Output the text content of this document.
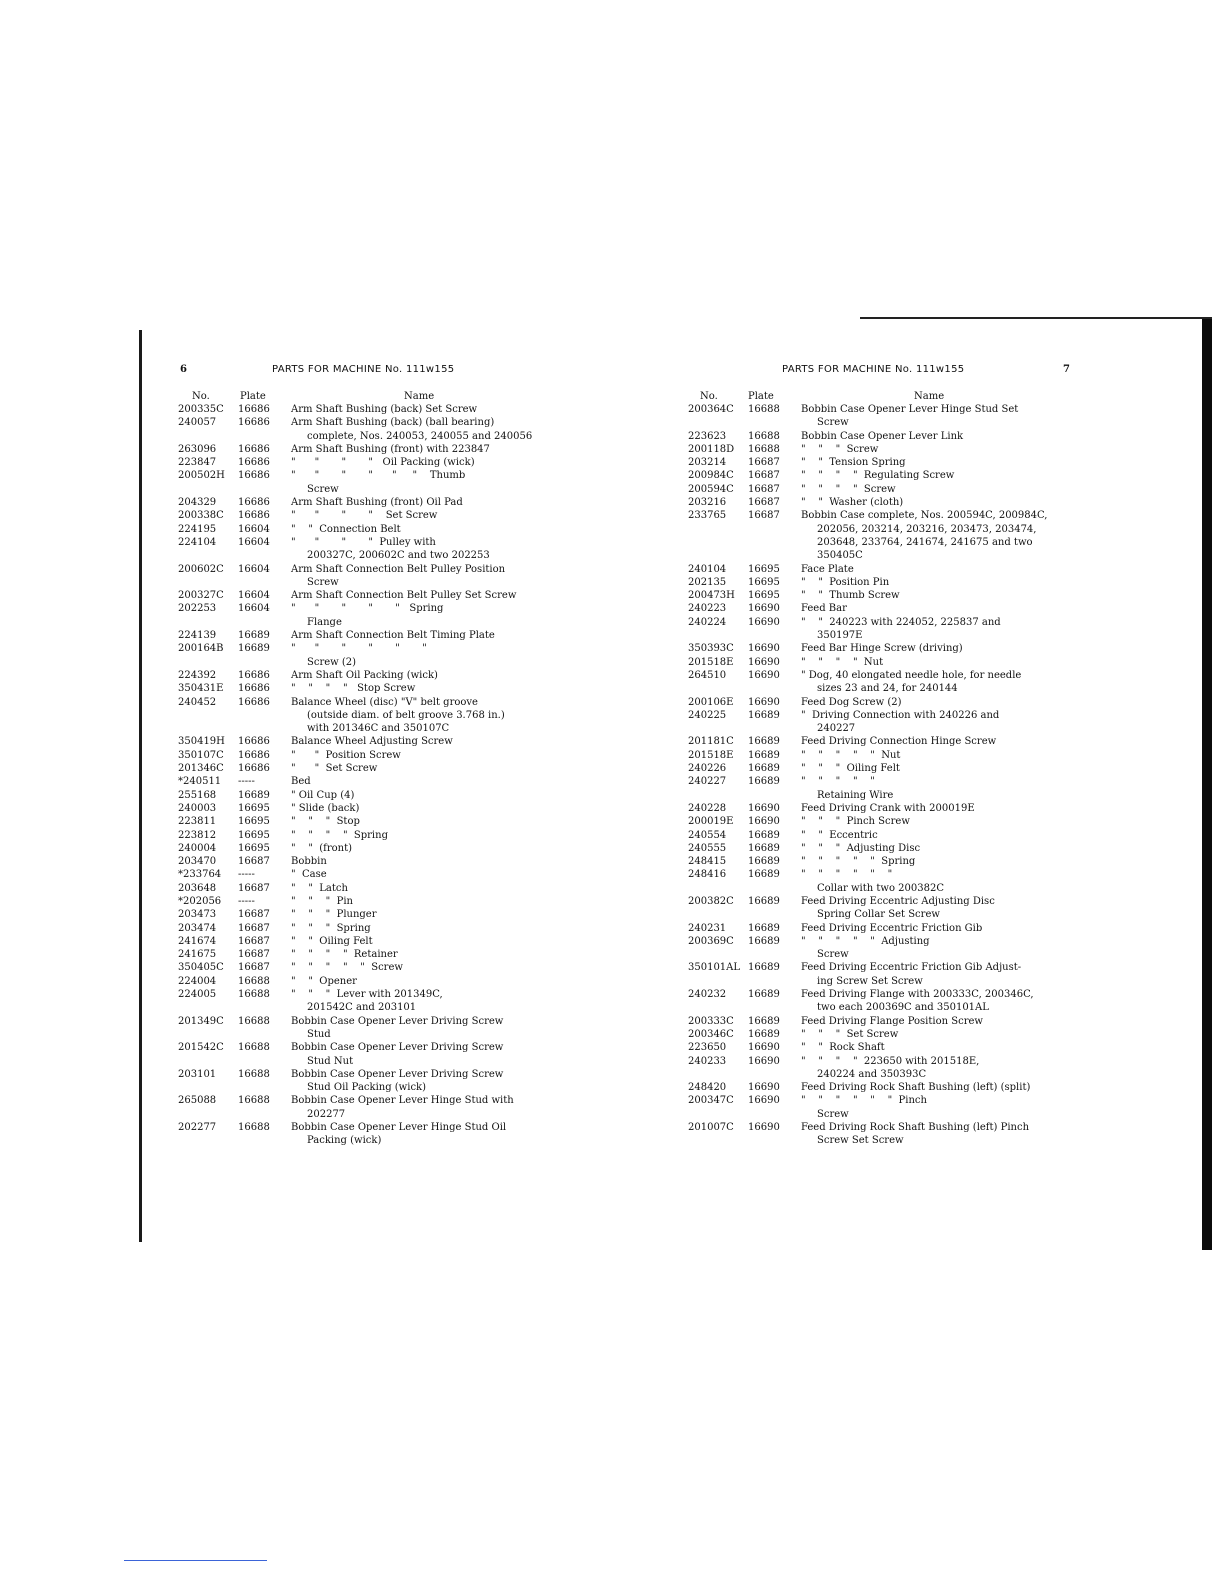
6	PARTS FOR MACHINE No. 111w155	PARTS FOR MACHINE No. 111w155	7
No.	Plate	Name
200335C 16686 Arm Shaft Bushing (back) Set Screw
240057 16686 Arm Shaft Bushing (back) (ball bearing)
complete, Nos. 240053, 240055 and 240056
263096 16686 Arm Shaft Bushing (front) with 223847
223847 16686 "      "       "       "   Oil Packing (wick)
200502H 16686 "      "       "       "      "     "    Thumb
Screw
204329 16686 Arm Shaft Bushing (front) Oil Pad
200338C 16686 "      "       "       "    Set Screw
224195 16604 "    "  Connection Belt
224104 16604 "      "       "       "  Pulley with
200327C, 200602C and two 202253
200602C 16604 Arm Shaft Connection Belt Pulley Position
Screw
200327C 16604 Arm Shaft Connection Belt Pulley Set Screw
202253 16604 "      "       "       "       "   Spring
Flange
224139 16689 Arm Shaft Connection Belt Timing Plate
200164B 16689 "      "       "       "       "       "
Screw (2)
224392 16686 Arm Shaft Oil Packing (wick)
350431E 16686 "    "    "    "   Stop Screw
240452 16686 Balance Wheel (disc) "V" belt groove
(outside diam. of belt groove 3.768 in.)
with 201346C and 350107C
350419H 16686 Balance Wheel Adjusting Screw
350107C 16686 "      "  Position Screw
201346C 16686 "      "  Set Screw
*240511 -----	Bed
255168 16689 " Oil Cup (4)
240003 16695 " Slide (back)
223811 16695 "    "    "  Stop
223812 16695 "    "    "    "  Spring
240004 16695 "    "  (front)
203470 16687 Bobbin
*233764 -----	"  Case
203648 16687 "    "  Latch
*202056 -----	"    "    "  Pin
203473 16687 "    "    "  Plunger
203474 16687 "    "    "  Spring
241674 16687 "    "  Oiling Felt
241675 16687 "    "    "    "  Retainer
350405C 16687 "    "    "    "    "  Screw
224004 16688 "    "  Opener
224005 16688 "    "    "  Lever with 201349C,
201542C and 203101
201349C 16688 Bobbin Case Opener Lever Driving Screw
Stud
201542C 16688 Bobbin Case Opener Lever Driving Screw
Stud Nut
203101 16688 Bobbin Case Opener Lever Driving Screw
Stud Oil Packing (wick)
265088 16688 Bobbin Case Opener Lever Hinge Stud with
202277
202277 16688 Bobbin Case Opener Lever Hinge Stud Oil
Packing (wick)
No.	Plate	Name
200364C 16688 Bobbin Case Opener Lever Hinge Stud Set
Screw
223623 16688 Bobbin Case Opener Lever Link
200118D 16688 "    "    "  Screw
203214 16687 "    "  Tension Spring
200984C 16687 "    "    "    "  Regulating Screw
200594C 16687 "    "    "    "  Screw
203216 16687 "    "  Washer (cloth)
233765 16687 Bobbin Case complete, Nos. 200594C, 200984C,
202056, 203214, 203216, 203473, 203474,
203648, 233764, 241674, 241675 and two
350405C
240104 16695 Face Plate
202135 16695 "    "  Position Pin
200473H 16695 "    "  Thumb Screw
240223 16690 Feed Bar
240224 16690 "    "  240223 with 224052, 225837 and
350197E
350393C 16690 Feed Bar Hinge Screw (driving)
201518E 16690 "    "    "    "  Nut
264510 16690 " Dog, 40 elongated needle hole, for needle
sizes 23 and 24, for 240144
200106E 16690 Feed Dog Screw (2)
240225 16689 "  Driving Connection with 240226 and
240227
201181C 16689 Feed Driving Connection Hinge Screw
201518E 16689 "    "    "    "    "  Nut
240226 16689 "    "    "  Oiling Felt
240227 16689 "    "    "    "    "
Retaining Wire
240228 16690 Feed Driving Crank with 200019E
200019E 16690 "    "    "  Pinch Screw
240554 16689 "    "  Eccentric
240555 16689 "    "    "  Adjusting Disc
248415 16689 "    "    "    "    "  Spring
248416 16689 "    "    "    "    "    "
Collar with two 200382C
200382C 16689 Feed Driving Eccentric Adjusting Disc
Spring Collar Set Screw
240231 16689 Feed Driving Eccentric Friction Gib
200369C 16689 "    "    "    "    "  Adjusting
Screw
350101AL 16689 Feed Driving Eccentric Friction Gib Adjust-
ing Screw Set Screw
240232 16689 Feed Driving Flange with 200333C, 200346C,
two each 200369C and 350101AL
200333C 16689 Feed Driving Flange Position Screw
200346C 16689 "    "    "  Set Screw
223650 16690 "    "  Rock Shaft
240233 16690 "    "    "    "  223650 with 201518E,
240224 and 350393C
248420 16690 Feed Driving Rock Shaft Bushing (left) (split)
200347C 16690 "    "    "    "    "    "  Pinch
Screw
201007C 16690 Feed Driving Rock Shaft Bushing (left) Pinch
Screw Set Screw
